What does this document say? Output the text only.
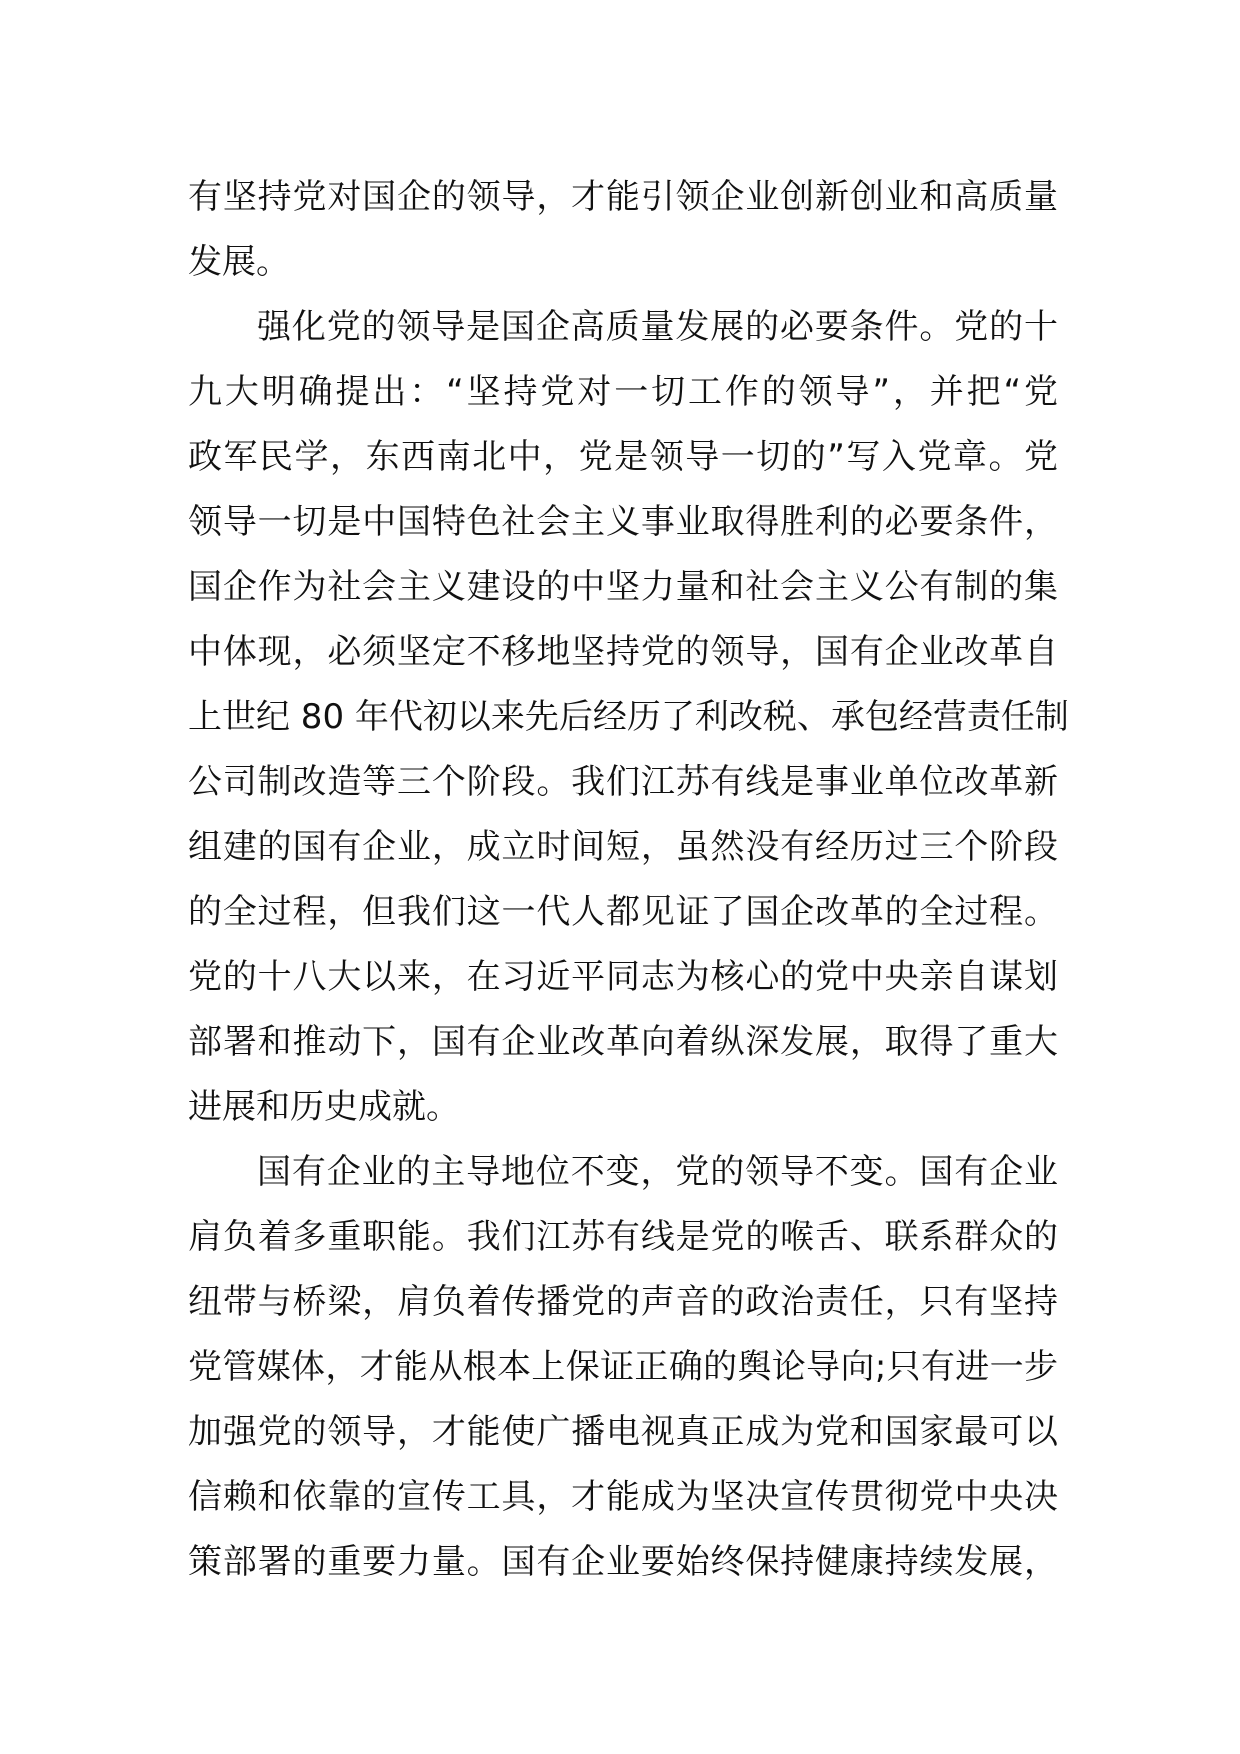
有坚持党对国企的领导，才能引领企业创新创业和高质量
发展。
强化党的领导是国企高质量发展的必要条件。党的十
九大明确提出：“坚持党对一切工作的领导”，并把“党
政军民学，东西南北中，党是领导一切的”写入党章。党
领导一切是中国特色社会主义事业取得胜利的必要条件，
国企作为社会主义建设的中坚力量和社会主义公有制的集
中体现，必须坚定不移地坚持党的领导，国有企业改革自
上世纪 80 年代初以来先后经历了利改税、承包经营责任制
公司制改造等三个阶段。我们江苏有线是事业单位改革新
组建的国有企业，成立时间短，虽然没有经历过三个阶段
的全过程，但我们这一代人都见证了国企改革的全过程。
党的十八大以来，在习近平同志为核心的党中央亲自谋划
部署和推动下，国有企业改革向着纵深发展，取得了重大
进展和历史成就。
国有企业的主导地位不变，党的领导不变。国有企业
肩负着多重职能。我们江苏有线是党的喉舌、联系群众的
纽带与桥梁，肩负着传播党的声音的政治责任，只有坚持
党管媒体，才能从根本上保证正确的舆论导向;只有进一步
加强党的领导，才能使广播电视真正成为党和国家最可以
信赖和依靠的宣传工具，才能成为坚决宣传贯彻党中央决
策部署的重要力量。国有企业要始终保持健康持续发展，
